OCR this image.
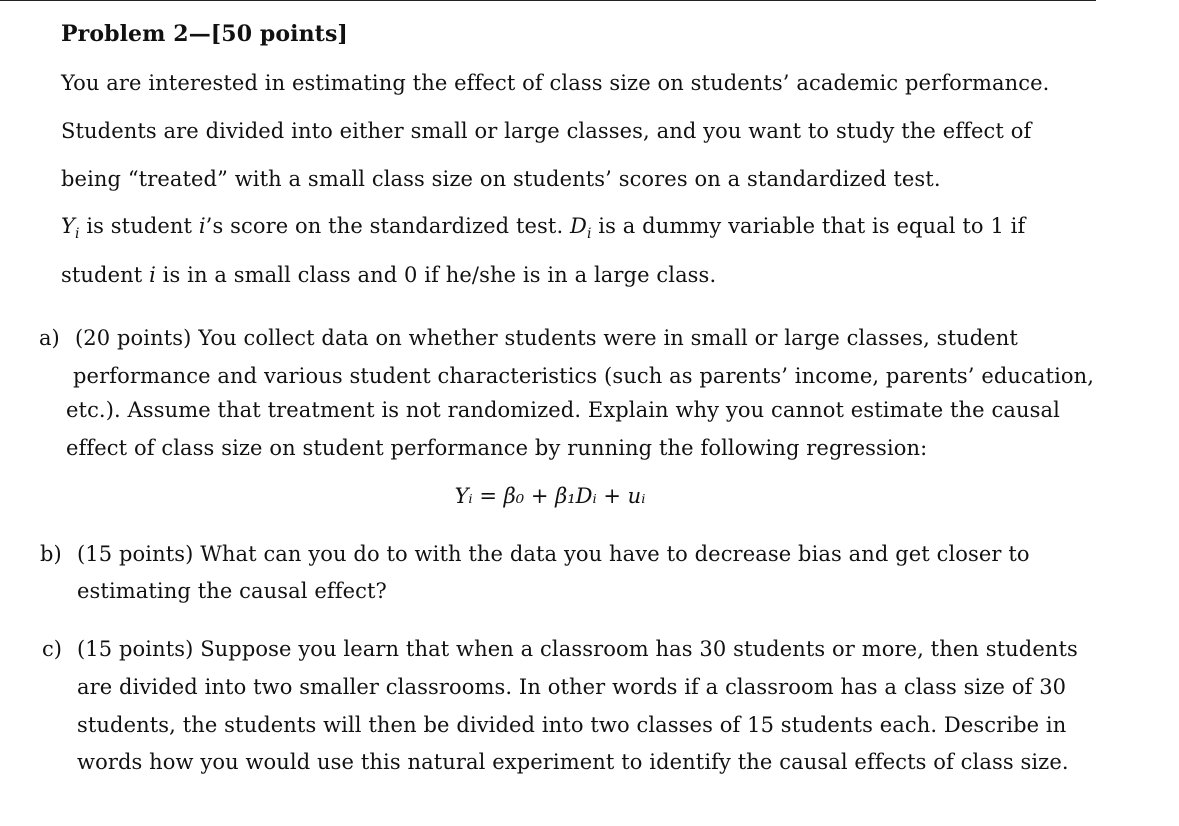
Problem 2—[50 points]
You are interested in estimating the effect of class size on students’ academic performance.
Students are divided into either small or large classes, and you want to study the effect of
being “treated” with a small class size on students’ scores on a standardized test.
$Y_i$ is student i’s score on the standardized test. $D_i$ is a dummy variable that is equal to 1 if
student i is in a small class and 0 if he/she is in a large class.
a) (20 points) You collect data on whether students were in small or large classes, student
performance and various student characteristics (such as parents’ income, parents’ education,
etc.). Assume that treatment is not randomized. Explain why you cannot estimate the causal
effect of class size on student performance by running the following regression:
Yᵢ = β₀ + β₁Dᵢ + uᵢ
b) (15 points) What can you do to with the data you have to decrease bias and get closer to
estimating the causal effect?
c) (15 points) Suppose you learn that when a classroom has 30 students or more, then students
are divided into two smaller classrooms. In other words if a classroom has a class size of 30
students, the students will then be divided into two classes of 15 students each. Describe in
words how you would use this natural experiment to identify the causal effects of class size.
